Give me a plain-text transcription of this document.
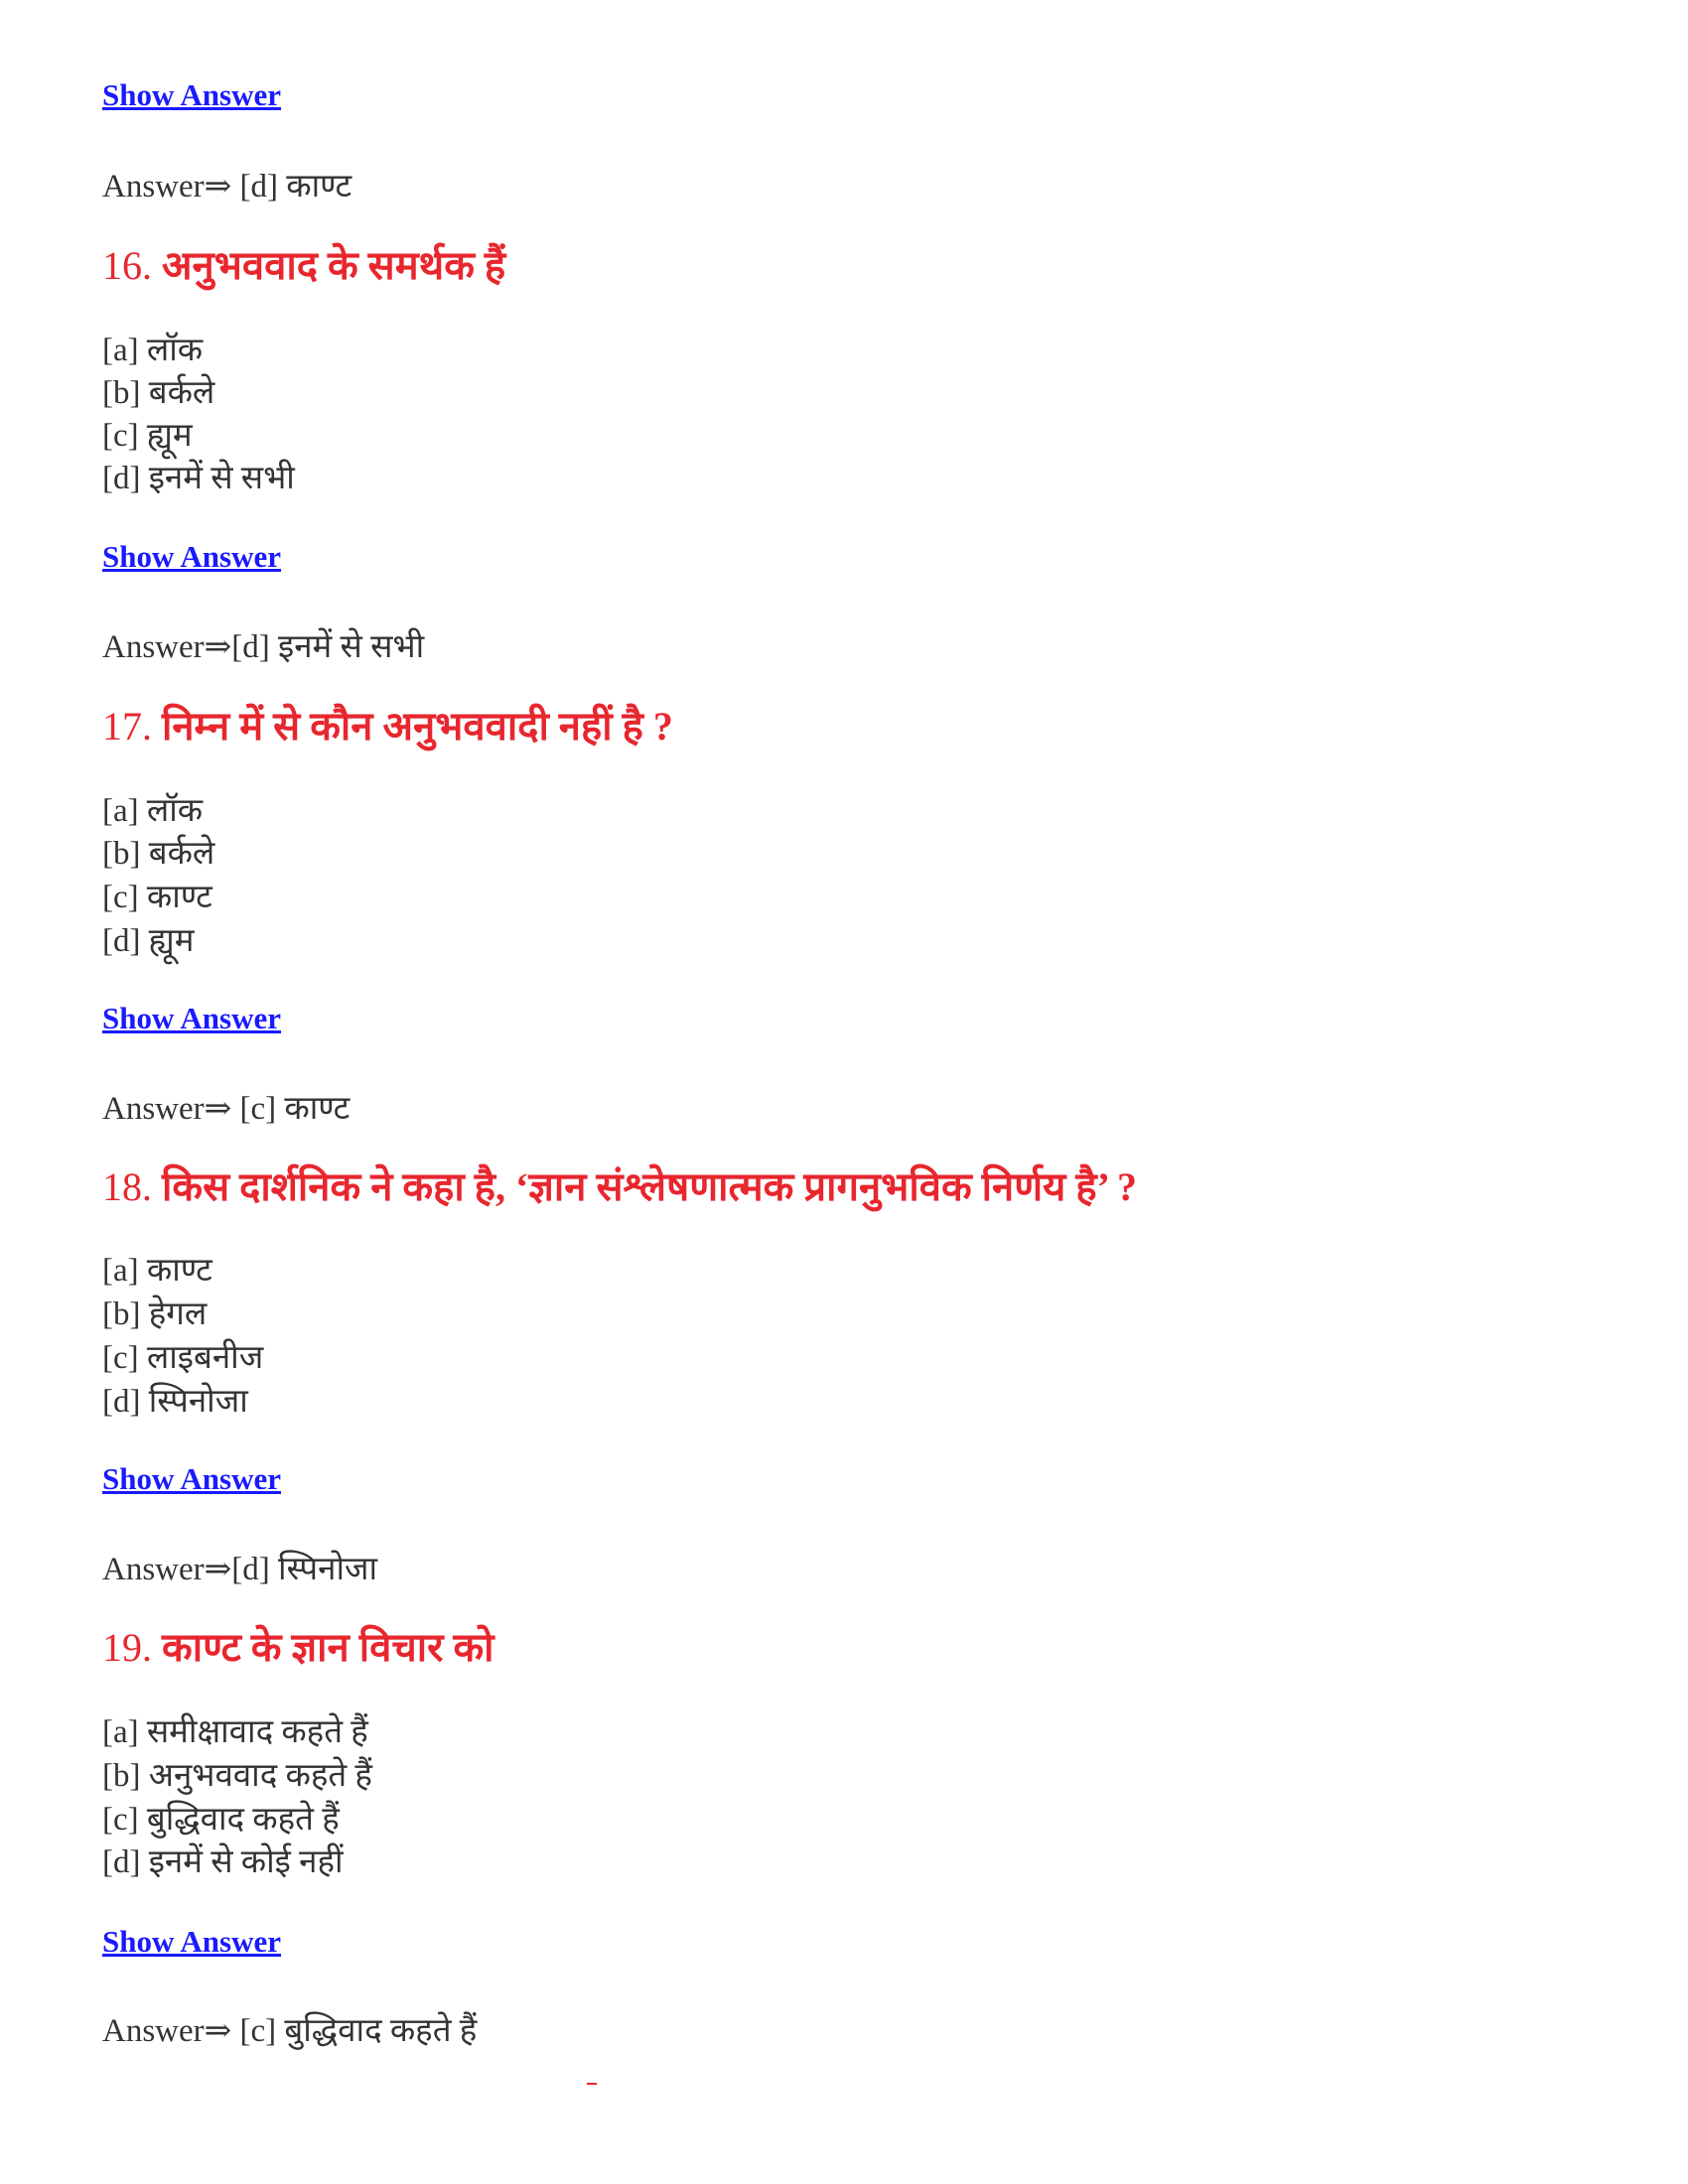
Show Answer
Answer⇒ [d] काण्ट
16. अनुभववाद के समर्थक हैं
[a] लॉक
[b] बर्कले
[c] ह्यूम
[d] इनमें से सभी
Show Answer
Answer⇒[d] इनमें से सभी
17. निम्न में से कौन अनुभववादी नहीं है ?
[a] लॉक
[b] बर्कले
[c] काण्ट
[d] ह्यूम
Show Answer
Answer⇒ [c] काण्ट
18. किस दार्शनिक ने कहा है, ‘ज्ञान संश्लेषणात्मक प्रागनुभविक निर्णय है’ ?
[a] काण्ट
[b] हेगल
[c] लाइबनीज
[d] स्पिनोजा
Show Answer
Answer⇒[d] स्पिनोजा
19. काण्ट के ज्ञान विचार को
[a] समीक्षावाद कहते हैं
[b] अनुभववाद कहते हैं
[c] बुद्धिवाद कहते हैं
[d] इनमें से कोई नहीं
Show Answer
Answer⇒ [c] बुद्धिवाद कहते हैं
